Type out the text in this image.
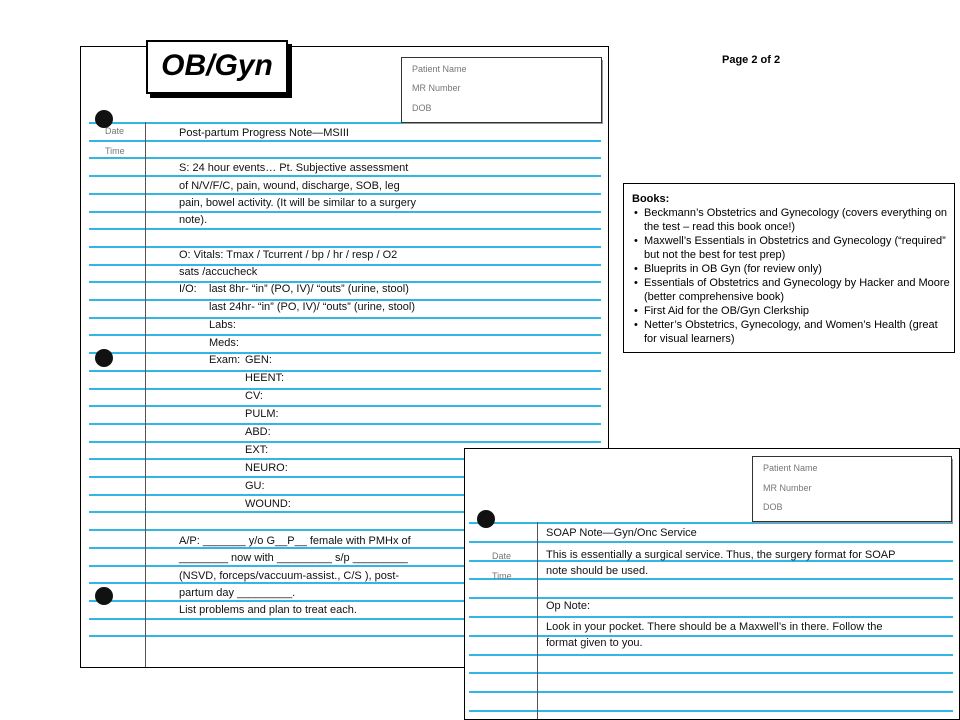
Date
Time
Patient Name
MR Number
DOB
Post-partum Progress Note—MSIII
S: 24 hour events… Pt. Subjective assessment
of N/V/F/C, pain, wound, discharge, SOB, leg
pain, bowel activity. (It will be similar to a surgery
note).
O: Vitals: Tmax / Tcurrent / bp / hr / resp / O2
sats /accucheck
I/O: last 8hr- “in” (PO, IV)/ “outs” (urine, stool)
last 24hr- “in” (PO, IV)/ “outs” (urine, stool)
Labs:
Meds:
Exam: GEN:
HEENT:
CV:
PULM:
ABD:
EXT:
NEURO:
GU:
WOUND:
A/P: _______ y/o G__P__ female with PMHx of
________ now with _________ s/p _________
(NSVD, forceps/vaccuum-assist., C/S ), post-
partum day _________.
List problems and plan to treat each.
OB/Gyn	Page 2 of 2
Books:
• Beckmann’s Obstetrics and Gynecology (covers everything on the test – read this book once!)
• Maxwell’s Essentials in Obstetrics and Gynecology (“required” but not the best for test prep)
• Blueprits in OB Gyn (for review only)
• Essentials of Obstetrics and Gynecology by Hacker and Moore (better comprehensive book)
• First Aid for the OB/Gyn Clerkship
• Netter’s Obstetrics, Gynecology, and Women’s Health (great for visual learners)
Date
Time
Patient Name
MR Number
DOB
SOAP Note—Gyn/Onc Service
This is essentially a surgical service. Thus, the surgery format for SOAP
note should be used.
Op Note:
Look in your pocket. There should be a Maxwell’s in there. Follow the
format given to you.
